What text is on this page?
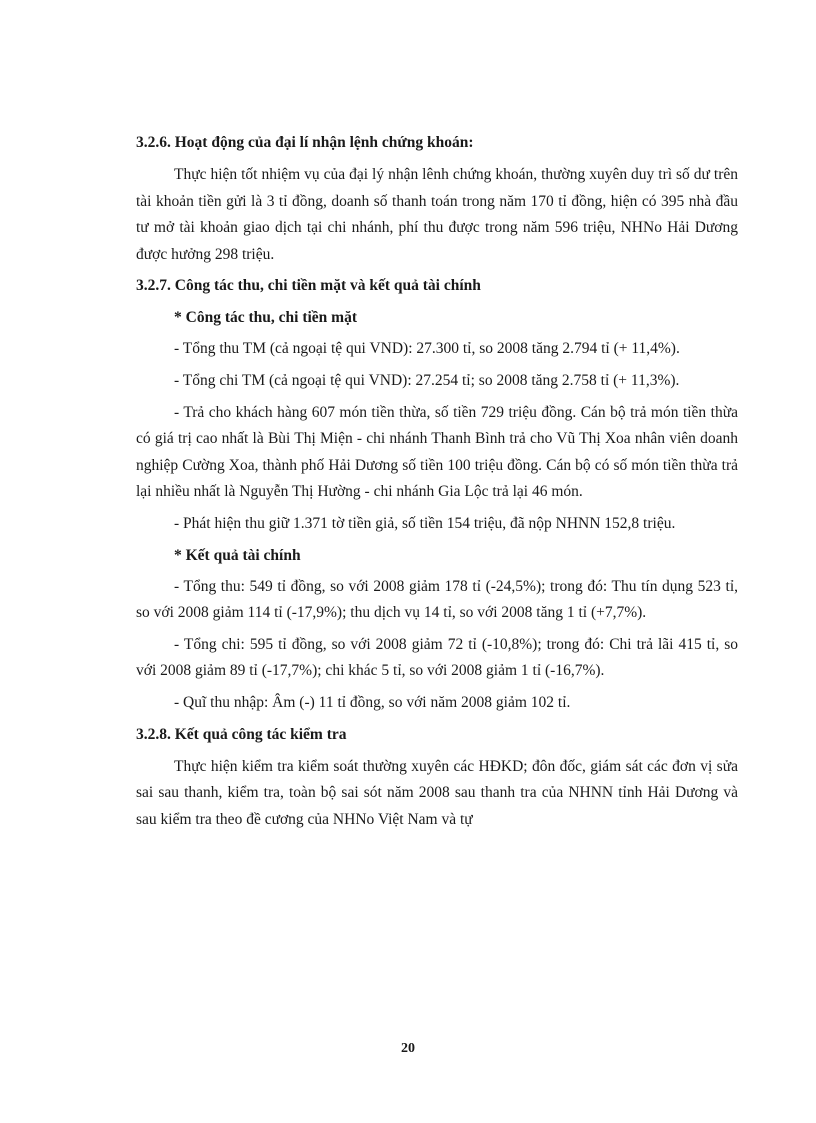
3.2.6. Hoạt động của đại lí nhận lệnh chứng khoán:

Thực hiện tốt nhiệm vụ của đại lý nhận lênh chứng khoán, thường xuyên duy trì số dư trên tài khoản tiền gửi là 3 tỉ đồng, doanh số thanh toán trong năm 170 tỉ đồng, hiện có 395 nhà đầu tư mở tài khoản giao dịch tại chi nhánh, phí thu được trong năm 596 triệu, NHNo Hải Dương được hưởng 298 triệu.

3.2.7. Công tác thu, chi tiền mặt và kết quả tài chính

* Công tác thu, chi tiền mặt

- Tổng thu TM (cả ngoại tệ qui VND): 27.300 tỉ, so 2008 tăng 2.794 tỉ (+ 11,4%).

- Tổng chi TM (cả ngoại tệ qui VND): 27.254 tỉ; so 2008 tăng 2.758 tỉ (+ 11,3%).

- Trả cho khách hàng 607 món tiền thừa, số tiền 729 triệu đồng. Cán bộ trả món tiền thừa có giá trị cao nhất là Bùi Thị Miện - chi nhánh Thanh Bình trả cho Vũ Thị Xoa nhân viên doanh nghiệp Cường Xoa, thành phố Hải Dương số tiền 100 triệu đồng. Cán bộ có số món tiền thừa trả lại nhiều nhất là Nguyễn Thị Hường - chi nhánh Gia Lộc trả lại 46 món.

- Phát hiện thu giữ 1.371 tờ tiền giả, số tiền 154 triệu, đã nộp NHNN 152,8 triệu.

* Kết quả tài chính

- Tổng thu: 549 tỉ đồng, so với 2008 giảm 178 tỉ (-24,5%); trong đó: Thu tín dụng 523 tỉ, so với 2008 giảm 114 tỉ (-17,9%); thu dịch vụ 14 tỉ, so với 2008 tăng 1 tỉ (+7,7%).

- Tổng chi: 595 tỉ đồng, so với 2008 giảm 72 tỉ (-10,8%); trong đó: Chi trả lãi 415 tỉ, so với 2008 giảm 89 tỉ (-17,7%); chi khác 5 tỉ, so với 2008 giảm 1 tỉ (-16,7%).

- Quĩ thu nhập: Âm (-) 11 tỉ đồng, so với năm 2008 giảm 102 tỉ.

3.2.8. Kết quả công tác kiểm tra

Thực hiện kiểm tra kiểm soát thường xuyên các HĐKD; đôn đốc, giám sát các đơn vị sửa sai sau thanh, kiểm tra, toàn bộ sai sót năm 2008 sau thanh tra của NHNN tỉnh Hải Dương và sau kiểm tra theo đề cương của NHNo Việt Nam và tự

20
